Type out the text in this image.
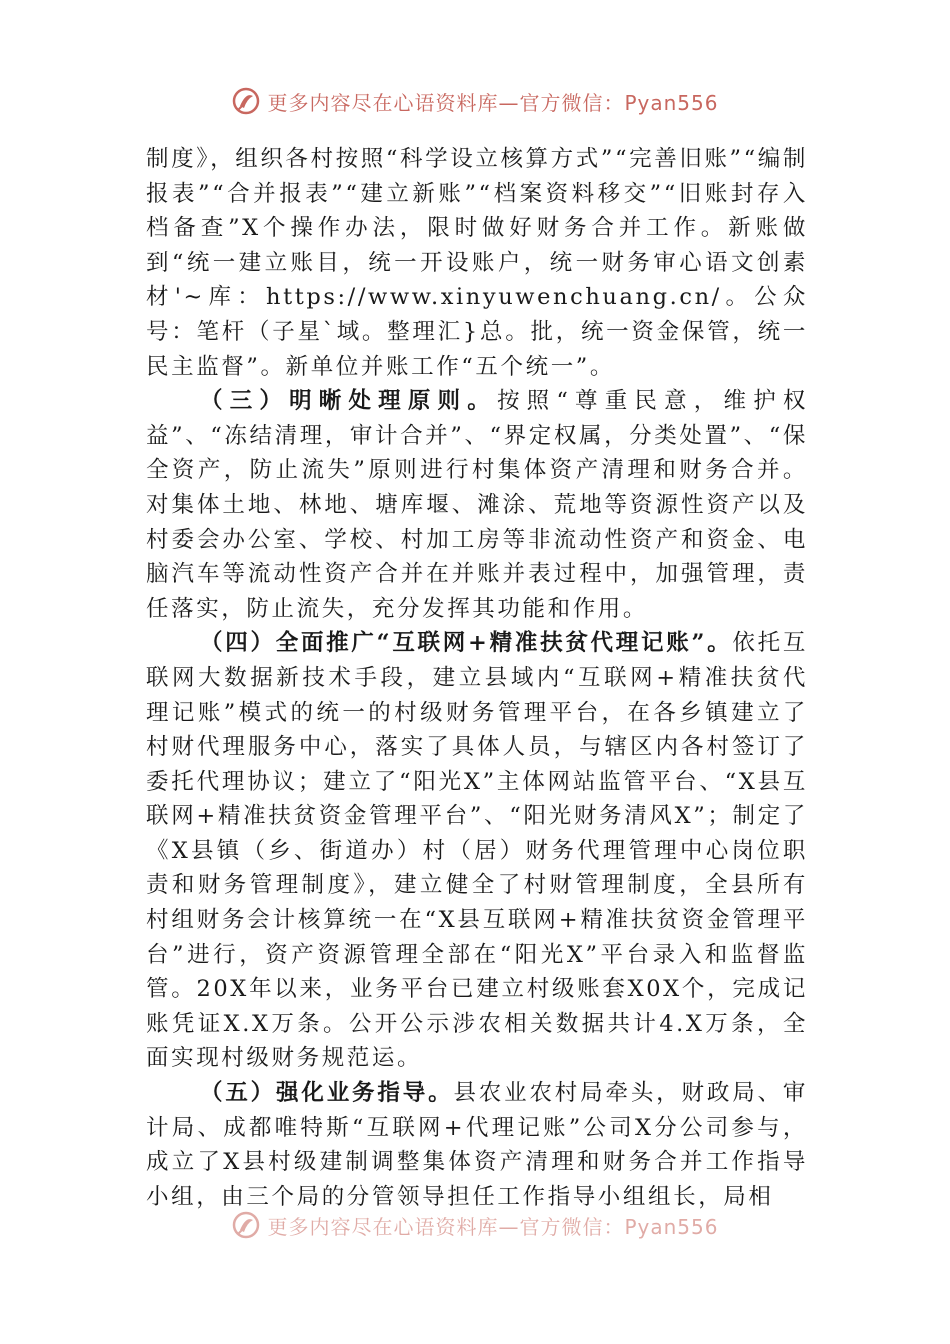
更多内容尽在心语资料库—官方微信：Pyan556

制度》，组织各村按照“科学设立核算方式”“完善旧账”“编制报表”“合并报表”“建立新账”“档案资料移交”“旧账封存入档备查”X个操作办法，限时做好财务合并工作。新账做到“统一建立账目，统一开设账户，统一财务审心语文创素材'~库：https://www.xinyuwenchuang.cn/。公众号：笔杆（子星`域。整理汇}总。批，统一资金保管，统一民主监督”。新单位并账工作“五个统一”。

（三）明晰处理原则。按照“尊重民意，维护权益”、“冻结清理，审计合并”、“界定权属，分类处置”、“保全资产，防止流失”原则进行村集体资产清理和财务合并。对集体土地、林地、塘库堰、滩涂、荒地等资源性资产以及村委会办公室、学校、村加工房等非流动性资产和资金、电脑汽车等流动性资产合并在并账并表过程中，加强管理，责任落实，防止流失，充分发挥其功能和作用。

（四）全面推广“互联网+精准扶贫代理记账”。依托互联网大数据新技术手段，建立县域内“互联网+精准扶贫代理记账”模式的统一的村级财务管理平台，在各乡镇建立了村财代理服务中心，落实了具体人员，与辖区内各村签订了委托代理协议；建立了“阳光X”主体网站监管平台、“X县互联网+精准扶贫资金管理平台”、“阳光财务清风X”；制定了《X县镇（乡、街道办）村（居）财务代理管理中心岗位职责和财务管理制度》，建立健全了村财管理制度，全县所有村组财务会计核算统一在“X县互联网+精准扶贫资金管理平台”进行，资产资源管理全部在“阳光X”平台录入和监督监管。20X年以来，业务平台已建立村级账套X0X个，完成记账凭证X.X万条。公开公示涉农相关数据共计4.X万条，全面实现村级财务规范运。

（五）强化业务指导。县农业农村局牵头，财政局、审计局、成都唯特斯“互联网+代理记账”公司X分公司参与，成立了X县村级建制调整集体资产清理和财务合并工作指导小组，由三个局的分管领导担任工作指导小组组长，局相

更多内容尽在心语资料库—官方微信：Pyan556
